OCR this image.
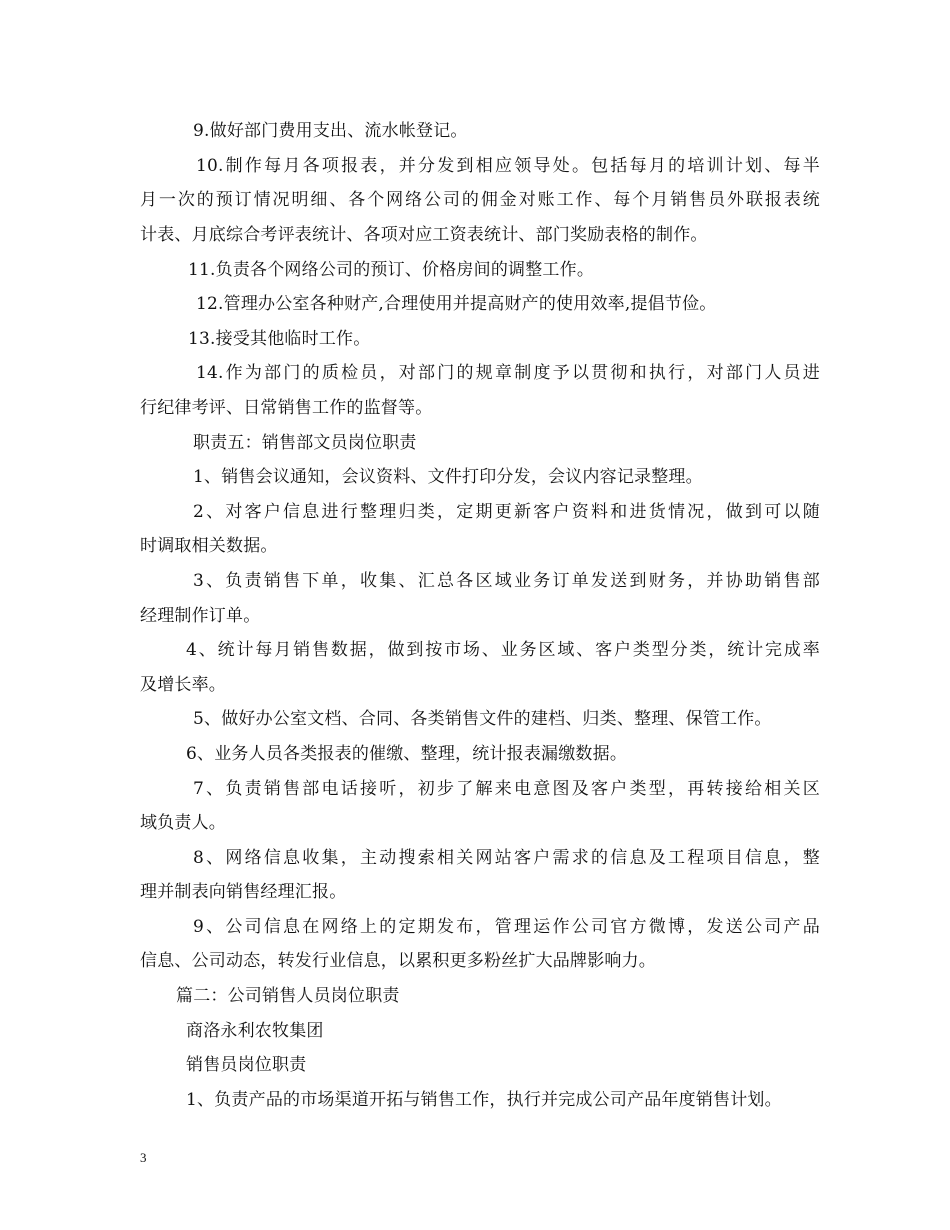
9.做好部门费用支出、流水帐登记。
10.制作每月各项报表，并分发到相应领导处。包括每月的培训计划、每半
月一次的预订情况明细、各个网络公司的佣金对账工作、每个月销售员外联报表统
计表、月底综合考评表统计、各项对应工资表统计、部门奖励表格的制作。
11.负责各个网络公司的预订、价格房间的调整工作。
12.管理办公室各种财产,合理使用并提高财产的使用效率,提倡节俭。
13.接受其他临时工作。
14.作为部门的质检员，对部门的规章制度予以贯彻和执行，对部门人员进
行纪律考评、日常销售工作的监督等。
职责五：销售部文员岗位职责
1、销售会议通知，会议资料、文件打印分发，会议内容记录整理。
2、对客户信息进行整理归类，定期更新客户资料和进货情况，做到可以随
时调取相关数据。
3、负责销售下单，收集、汇总各区域业务订单发送到财务，并协助销售部
经理制作订单。
4、统计每月销售数据，做到按市场、业务区域、客户类型分类，统计完成率
及增长率。
5、做好办公室文档、合同、各类销售文件的建档、归类、整理、保管工作。
6、业务人员各类报表的催缴、整理，统计报表漏缴数据。
7、负责销售部电话接听，初步了解来电意图及客户类型，再转接给相关区
域负责人。
8、网络信息收集，主动搜索相关网站客户需求的信息及工程项目信息，整
理并制表向销售经理汇报。
9、公司信息在网络上的定期发布，管理运作公司官方微博，发送公司产品
信息、公司动态，转发行业信息，以累积更多粉丝扩大品牌影响力。
篇二：公司销售人员岗位职责
商洛永利农牧集团
销售员岗位职责
1、负责产品的市场渠道开拓与销售工作，执行并完成公司产品年度销售计划。
3
